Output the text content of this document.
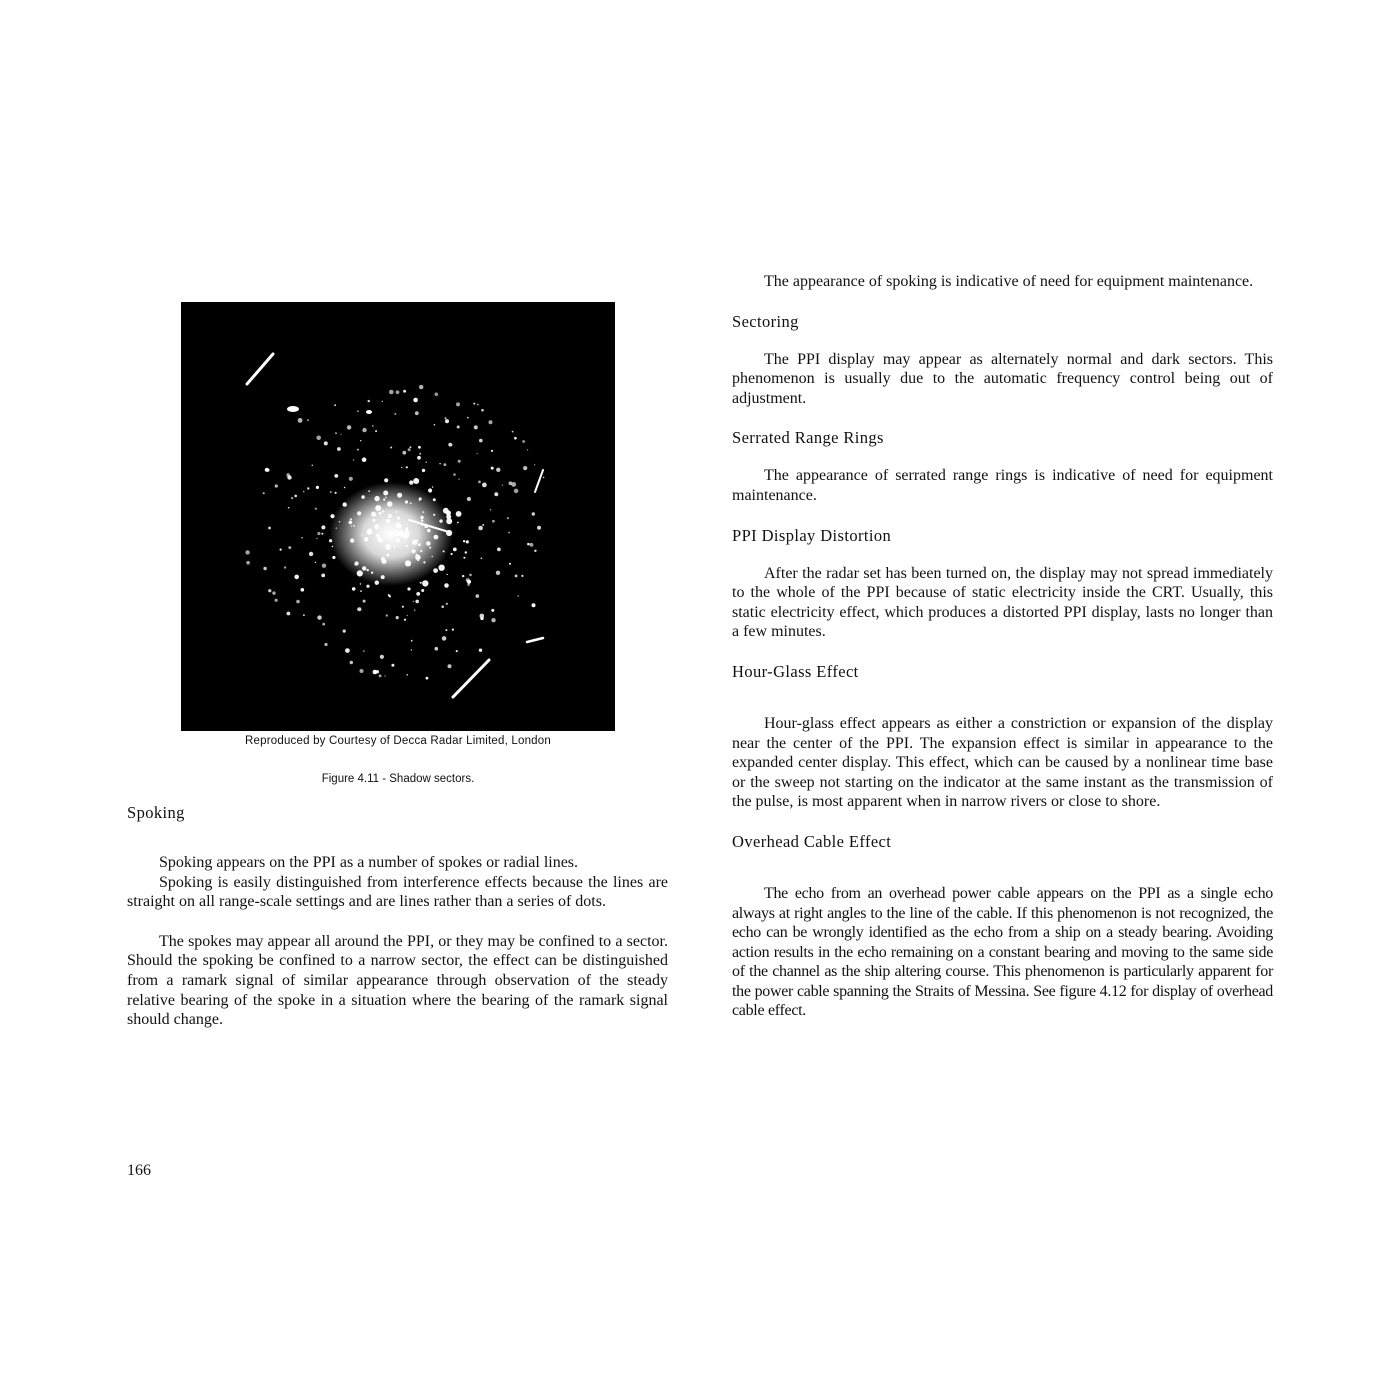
Reproduced by Courtesy of Decca Radar Limited, London
Figure 4.11 - Shadow sectors.
Spoking

Spoking appears on the PPI as a number of spokes or radial lines.

Spoking is easily distinguished from interference effects because the lines are straight on all range-scale settings and are lines rather than a series of dots.

The spokes may appear all around the PPI, or they may be confined to a sector. Should the spoking be confined to a narrow sector, the effect can be distinguished from a ramark signal of similar appearance through observation of the steady relative bearing of the spoke in a situation where the bearing of the ramark signal should change.

The appearance of spoking is indicative of need for equipment maintenance.

Sectoring

The PPI display may appear as alternately normal and dark sectors. This phenomenon is usually due to the automatic frequency control being out of adjustment.

Serrated Range Rings

The appearance of serrated range rings is indicative of need for equipment maintenance.

PPI Display Distortion

After the radar set has been turned on, the display may not spread immediately to the whole of the PPI because of static electricity inside the CRT. Usually, this static electricity effect, which produces a distorted PPI display, lasts no longer than a few minutes.

Hour-Glass Effect

Hour-glass effect appears as either a constriction or expansion of the display near the center of the PPI. The expansion effect is similar in appearance to the expanded center display. This effect, which can be caused by a nonlinear time base or the sweep not starting on the indicator at the same instant as the transmission of the pulse, is most apparent when in narrow rivers or close to shore.

Overhead Cable Effect

The echo from an overhead power cable appears on the PPI as a single echo always at right angles to the line of the cable. If this phenomenon is not recognized, the echo can be wrongly identified as the echo from a ship on a steady bearing. Avoiding action results in the echo remaining on a constant bearing and moving to the same side of the channel as the ship altering course. This phenomenon is particularly apparent for the power cable spanning the Straits of Messina. See figure 4.12 for display of overhead cable effect.

166
